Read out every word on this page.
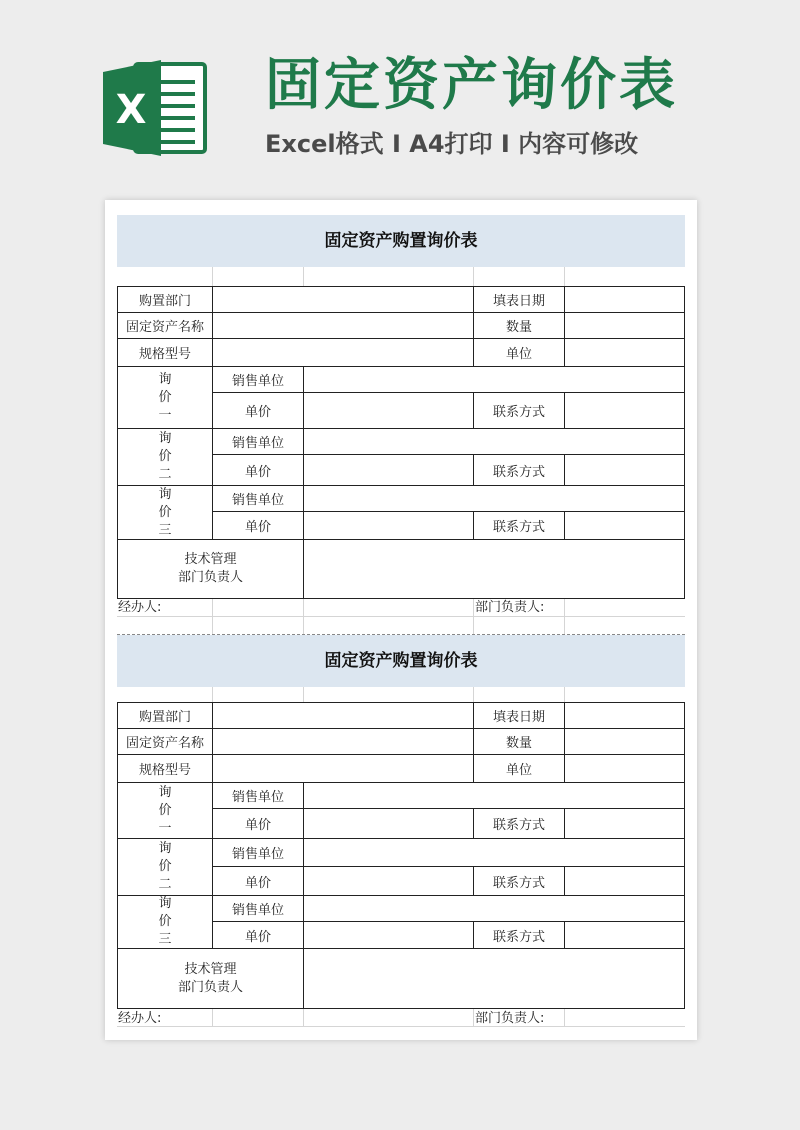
X 固定资产询价表
Excel格式 I A4打印 I 内容可修改
固定资产购置询价表
购置部门	填表日期
固定资产名称	数量
规格型号	单位
询
价
一
销售单位
单价	联系方式
询
价
二
销售单位
单价	联系方式
询
价
三
销售单位
单价	联系方式
技术管理
部门负责人
经办人:	部门负责人:
固定资产购置询价表
购置部门	填表日期
固定资产名称	数量
规格型号	单位
询
价
一
销售单位
单价	联系方式
询
价
二
销售单位
单价	联系方式
询
价
三
销售单位
单价	联系方式
技术管理
部门负责人
经办人:	部门负责人:
